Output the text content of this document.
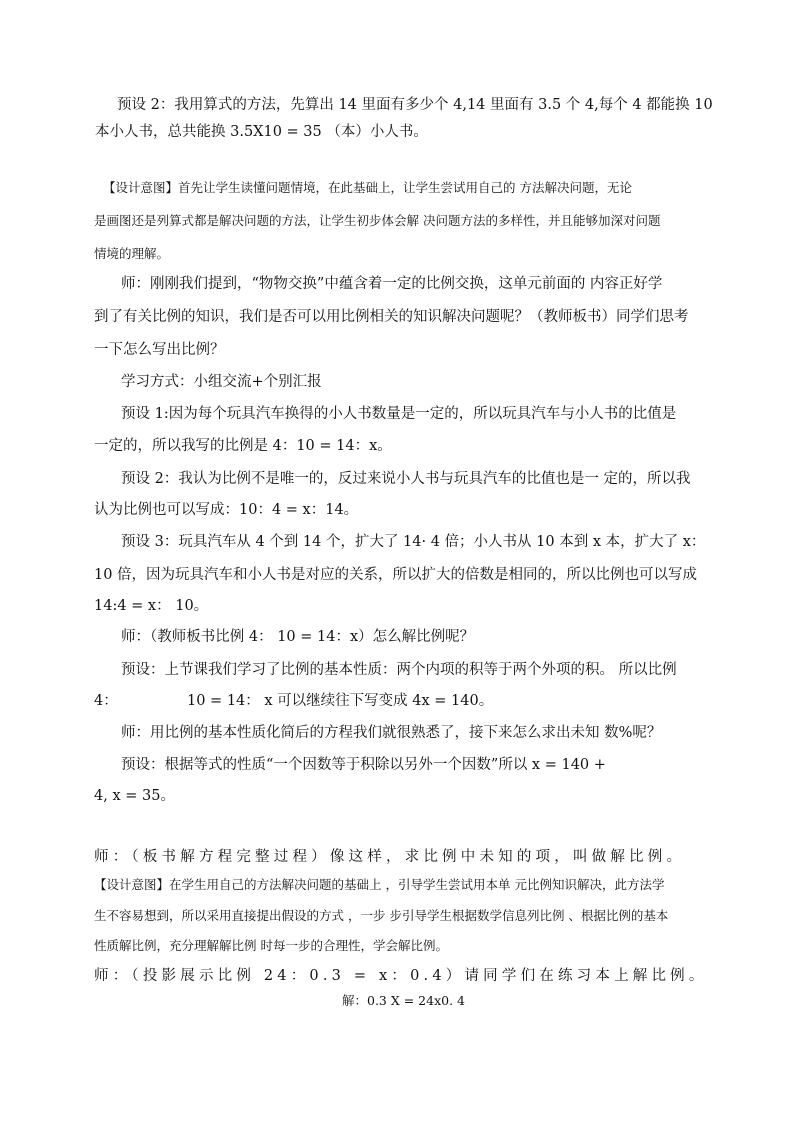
预设 2：我用算式的方法，先算出 14 里面有多少个 4,14 里面有 3.5 个 4,每个 4 都能换 10
本小人书，总共能换 3.5X10 = 35 （本）小人书。
【设计意图】首先让学生读懂问题情境，在此基础上，让学生尝试用自己的 方法解决问题，无论
是画图还是列算式都是解决问题的方法，让学生初步体会解 决问题方法的多样性，并且能够加深对问题
情境的理解。
师：刚刚我们提到，“物物交换”中蕴含着一定的比例交换，这单元前面的 内容正好学
到了有关比例的知识，我们是否可以用比例相关的知识解决问题呢？（教师板书）同学们思考
一下怎么写出比例？
学习方式：小组交流+个别汇报
预设 1:因为每个玩具汽车换得的小人书数量是一定的，所以玩具汽车与小人书的比值是
一定的，所以我写的比例是 4：10 = 14：x。
预设 2：我认为比例不是唯一的，反过来说小人书与玩具汽车的比值也是一 定的，所以我
认为比例也可以写成：10：4 = x：14。
预设 3：玩具汽车从 4 个到 14 个，扩大了 14· 4 倍；小人书从 10 本到 x 本，扩大了 x：
10 倍，因为玩具汽车和小人书是对应的关系，所以扩大的倍数是相同的，所以比例也可以写成
14:4 = x： 10。
师：（教师板书比例 4： 10 = 14：x）怎么解比例呢？
预设：上节课我们学习了比例的基本性质：两个内项的积等于两个外项的积。 所以比例
4：	10 = 14： x 可以继续往下写变成 4x = 140。
师：用比例的基本性质化简后的方程我们就很熟悉了，接下来怎么求出未知 数%呢？
预设：根据等式的性质“一个因数等于积除以另外一个因数”所以 x = 140 +
4, x = 35。
师：（板书解方程完整过程）像这样，求比例中未知的项，叫做解比例。
【设计意图】在学生用自己的方法解决问题的基础上 ，引导学生尝试用本单 元比例知识解决，此方法学
生不容易想到，所以采用直接提出假设的方式 ，一步 步引导学生根据数学信息列比例 、根据比例的基本
性质解比例，充分理解解比例 时每一步的合理性，学会解比例。
师：（投影展示比例 24：0.3 = x：0.4）请同学们在练习本上解比例。
解：0.3 X = 24x0. 4
